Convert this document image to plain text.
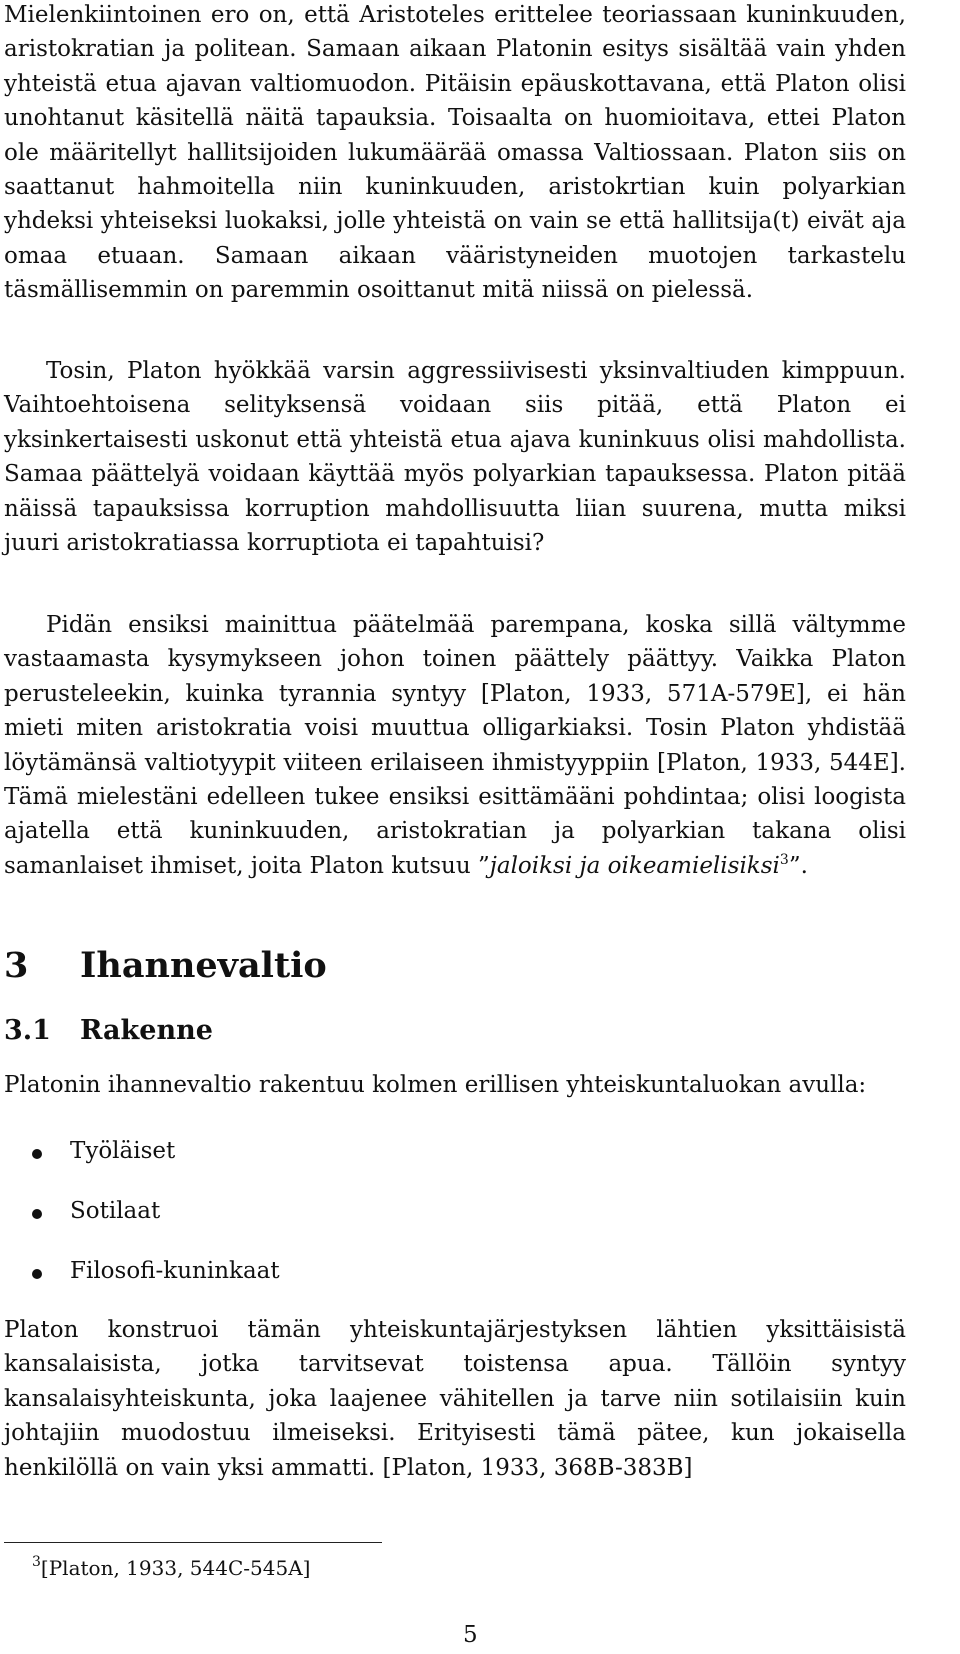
Mielenkiintoinen ero on, että Aristoteles erittelee teoriassaan kuninkuuden, aristokratian ja politean. Samaan aikaan Platonin esitys sisältää vain yhden yhteistä etua ajavan valtiomuodon. Pitäisin epäuskottavana, että Platon olisi unohtanut käsitellä näitä tapauksia. Toisaalta on huomioitava, ettei Platon ole määritellyt hallitsijoiden lukumäärää omassa Valtiossaan. Platon siis on saattanut hahmoitella niin kuninkuuden, aristokrtian kuin polyarkian yhdeksi yhteiseksi luokaksi, jolle yhteistä on vain se että hallitsija(t) eivät aja omaa etuaan. Samaan aikaan vääristyneiden muotojen tarkastelu täsmällisemmin on paremmin osoittanut mitä niissä on pielessä.

Tosin, Platon hyökkää varsin aggressiivisesti yksinvaltiuden kimppuun. Vaihtoehtoisena selityksensä voidaan siis pitää, että Platon ei yksinkertaisesti uskonut että yhteistä etua ajava kuninkuus olisi mahdollista. Samaa päättelyä voidaan käyttää myös polyarkian tapauksessa. Platon pitää näissä tapauksissa korruption mahdollisuutta liian suurena, mutta miksi juuri aristokratiassa korruptiota ei tapahtuisi?

Pidän ensiksi mainittua päätelmää parempana, koska sillä vältymme vastaamasta kysymykseen johon toinen päättely päättyy. Vaikka Platon perusteleekin, kuinka tyrannia syntyy [Platon, 1933, 571A-579E], ei hän mieti miten aristokratia voisi muuttua olligarkiaksi. Tosin Platon yhdistää löytämänsä valtiotyypit viiteen erilaiseen ihmistyyppiin [Platon, 1933, 544E]. Tämä mielestäni edelleen tukee ensiksi esittämääni pohdintaa; olisi loogista ajatella että kuninkuuden, aristokratian ja polyarkian takana olisi samanlaiset ihmiset, joita Platon kutsuu ”jaloiksi ja oikeamielisiksi$^3$”.

3 Ihannevaltio
3.1 Rakenne

Platonin ihannevaltio rakentuu kolmen erillisen yhteiskuntaluokan avulla:

Työläiset
Sotilaat
Filosofi-kuninkaat

Platon konstruoi tämän yhteiskuntajärjestyksen lähtien yksittäisistä kansalaisista, jotka tarvitsevat toistensa apua. Tällöin syntyy kansalaisyhteiskunta, joka laajenee vähitellen ja tarve niin sotilaisiin kuin johtajiin muodostuu ilmeiseksi. Erityisesti tämä pätee, kun jokaisella henkilöllä on vain yksi ammatti. [Platon, 1933, 368B-383B]

$^3$[Platon, 1933, 544C-545A]
5
